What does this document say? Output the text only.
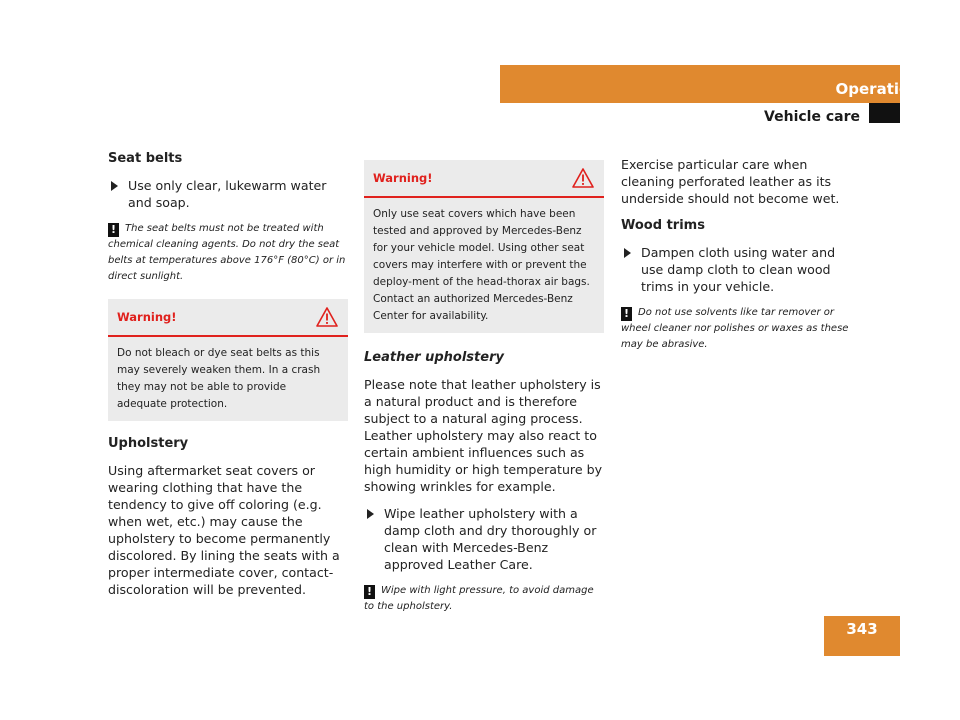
Operation
Vehicle care
Seat belts
Use only clear, lukewarm water and soap.
! The seat belts must not be treated with chemical cleaning agents. Do not dry the seat belts at temperatures above 176°F (80°C) or in direct sunlight.
Warning!
Do not bleach or dye seat belts as this may severely weaken them. In a crash they may not be able to provide adequate protection.
Upholstery

Using aftermarket seat covers or wearing clothing that have the tendency to give off coloring (e.g. when wet, etc.) may cause the upholstery to become permanently discolored. By lining the seats with a proper intermediate cover, contact-discoloration will be prevented.

Warning!
Only use seat covers which have been tested and approved by Mercedes-Benz for your vehicle model. Using other seat covers may interfere with or prevent the deploy-ment of the head-thorax air bags. Contact an authorized Mercedes-Benz Center for availability.
Leather upholstery

Please note that leather upholstery is a natural product and is therefore subject to a natural aging process. Leather upholstery may also react to certain ambient influences such as high humidity or high temperature by showing wrinkles for example.

Wipe leather upholstery with a damp cloth and dry thoroughly or clean with Mercedes-Benz approved Leather Care.
! Wipe with light pressure, to avoid damage to the upholstery.

Exercise particular care when cleaning perforated leather as its underside should not become wet.

Wood trims
Dampen cloth using water and use damp cloth to clean wood trims in your vehicle.
! Do not use solvents like tar remover or wheel cleaner nor polishes or waxes as these may be abrasive.
343
